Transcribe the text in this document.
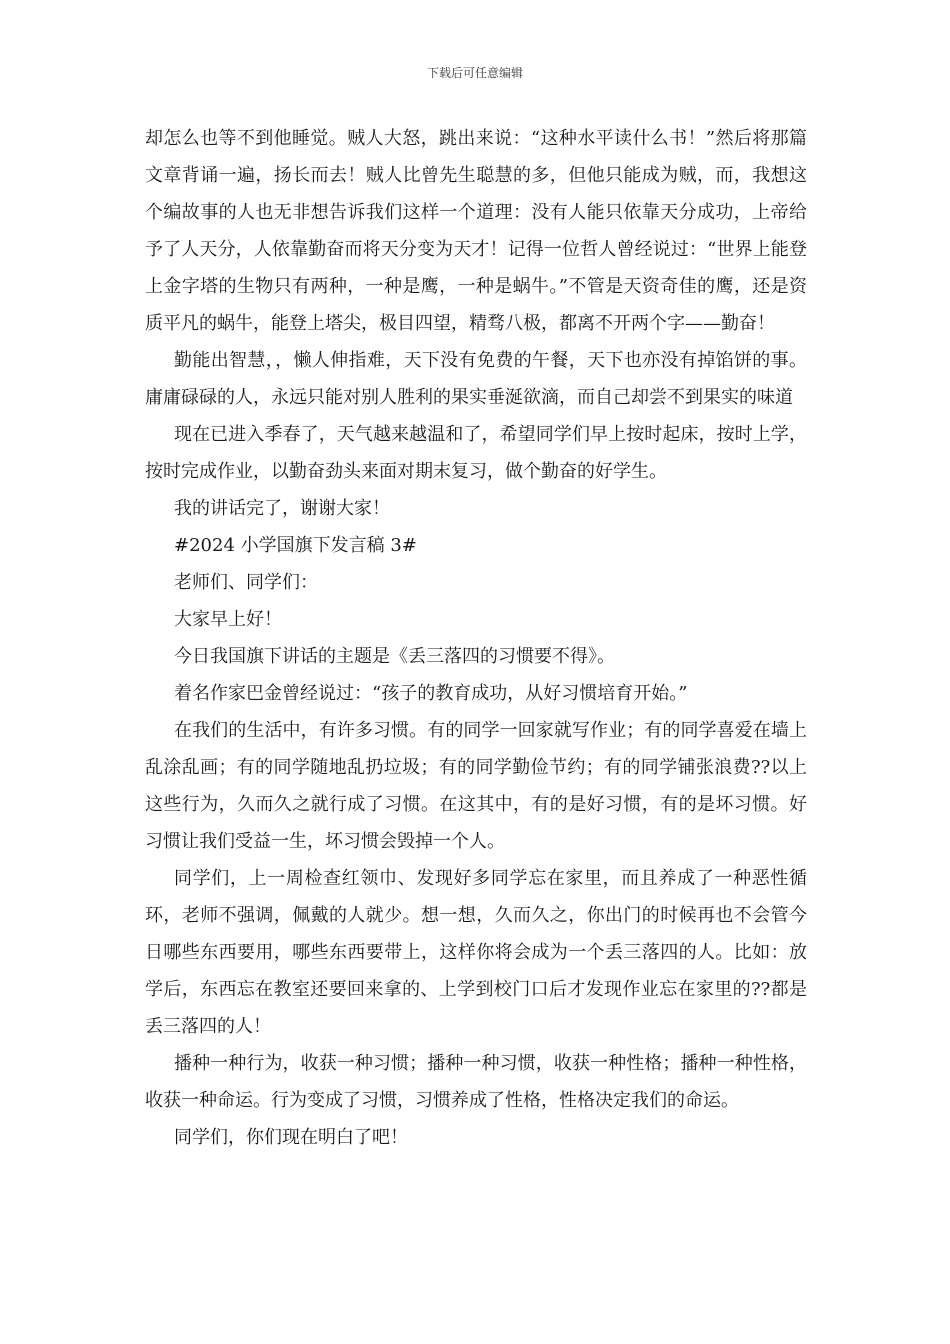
下载后可任意编辑

却怎么也等不到他睡觉。贼人大怒，跳出来说：“这种水平读什么书！”然后将那篇文章背诵一遍，扬长而去！贼人比曾先生聪慧的多，但他只能成为贼，而，我想这个编故事的人也无非想告诉我们这样一个道理：没有人能只依靠天分成功，上帝给予了人天分，人依靠勤奋而将天分变为天才！记得一位哲人曾经说过：“世界上能登上金字塔的生物只有两种，一种是鹰，一种是蜗牛。”不管是天资奇佳的鹰，还是资质平凡的蜗牛，能登上塔尖，极目四望，精骛八极，都离不开两个字——勤奋！

勤能出智慧，，懒人伸指难，天下没有免费的午餐，天下也亦没有掉馅饼的事。庸庸碌碌的人，永远只能对别人胜利的果实垂涎欲滴，而自己却尝不到果实的味道

现在已进入季春了，天气越来越温和了，希望同学们早上按时起床，按时上学，按时完成作业，以勤奋劲头来面对期末复习，做个勤奋的好学生。

我的讲话完了，谢谢大家！

#2024 小学国旗下发言稿 3#

老师们、同学们：

大家早上好！

今日我国旗下讲话的主题是《丢三落四的习惯要不得》。

着名作家巴金曾经说过：“孩子的教育成功，从好习惯培育开始。”

在我们的生活中，有许多习惯。有的同学一回家就写作业；有的同学喜爱在墙上乱涂乱画；有的同学随地乱扔垃圾；有的同学勤俭节约；有的同学铺张浪费??以上这些行为，久而久之就行成了习惯。在这其中，有的是好习惯，有的是坏习惯。好习惯让我们受益一生，坏习惯会毁掉一个人。

同学们，上一周检查红领巾、发现好多同学忘在家里，而且养成了一种恶性循环，老师不强调，佩戴的人就少。想一想，久而久之，你出门的时候再也不会管今日哪些东西要用，哪些东西要带上，这样你将会成为一个丢三落四的人。比如：放学后，东西忘在教室还要回来拿的、上学到校门口后才发现作业忘在家里的??都是丢三落四的人！

播种一种行为，收获一种习惯；播种一种习惯，收获一种性格；播种一种性格，收获一种命运。行为变成了习惯，习惯养成了性格，性格决定我们的命运。

同学们，你们现在明白了吧！
